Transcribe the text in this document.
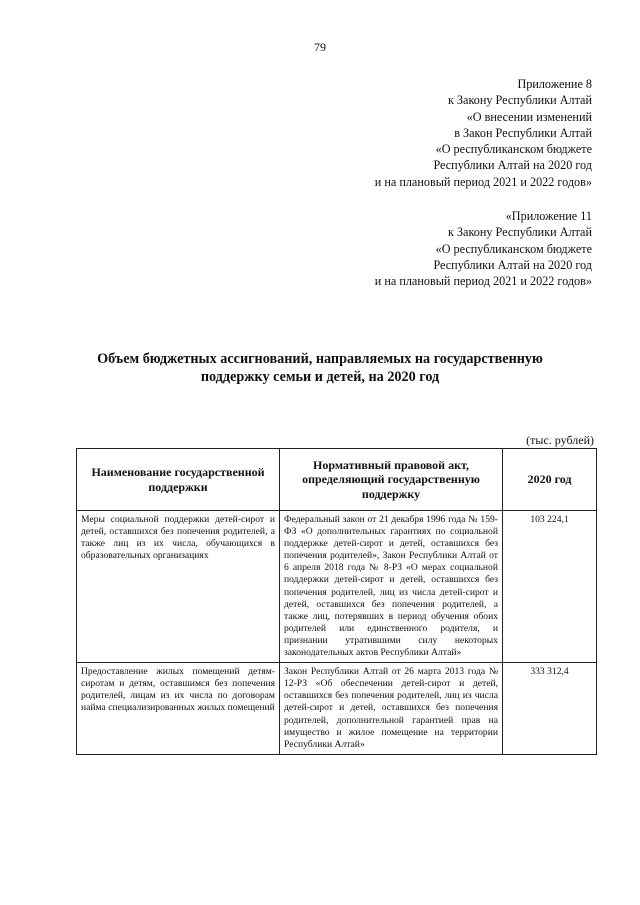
79
Приложение 8
к Закону Республики Алтай
«О внесении изменений
в Закон Республики Алтай
«О республиканском бюджете
Республики Алтай на 2020 год
и на плановый период 2021 и 2022 годов»
«Приложение 11
к Закону Республики Алтай
«О республиканском бюджете
Республики Алтай на 2020 год
и на плановый период 2021 и 2022 годов»
Объем бюджетных ассигнований, направляемых на государственную
поддержку семьи и детей, на 2020 год
(тыс. рублей)
Наименование государственной поддержки	Нормативный правовой акт, определяющий государственную поддержку	2020 год
Меры социальной поддержки детей-сирот и детей, оставшихся без попечения родителей, а также лиц из их числа, обучающихся в образовательных организациях	Федеральный закон от 21 декабря 1996 года № 159-ФЗ «О дополнительных гарантиях по социальной поддержке детей-сирот и детей, оставшихся без попечения родителей», Закон Республики Алтай от 6 апреля 2018 года № 8-РЗ «О мерах социальной поддержки детей-сирот и детей, оставшихся без попечения родителей, лиц из числа детей-сирот и детей, оставшихся без попечения родителей, а также лиц, потерявших в период обучения обоих родителей или единственного родителя, и признании утратившими силу некоторых законодательных актов Республики Алтай»	103 224,1
Предоставление жилых помещений детям-сиротам и детям, оставшимся без попечения родителей, лицам из их числа по договорам найма специализированных жилых помещений	Закон Республики Алтай от 26 марта 2013 года № 12-РЗ «Об обеспечении детей-сирот и детей, оставшихся без попечения родителей, лиц из числа детей-сирот и детей, оставшихся без попечения родителей, дополнительной гарантией прав на имущество и жилое помещение на территории Республики Алтай»	333 312,4
